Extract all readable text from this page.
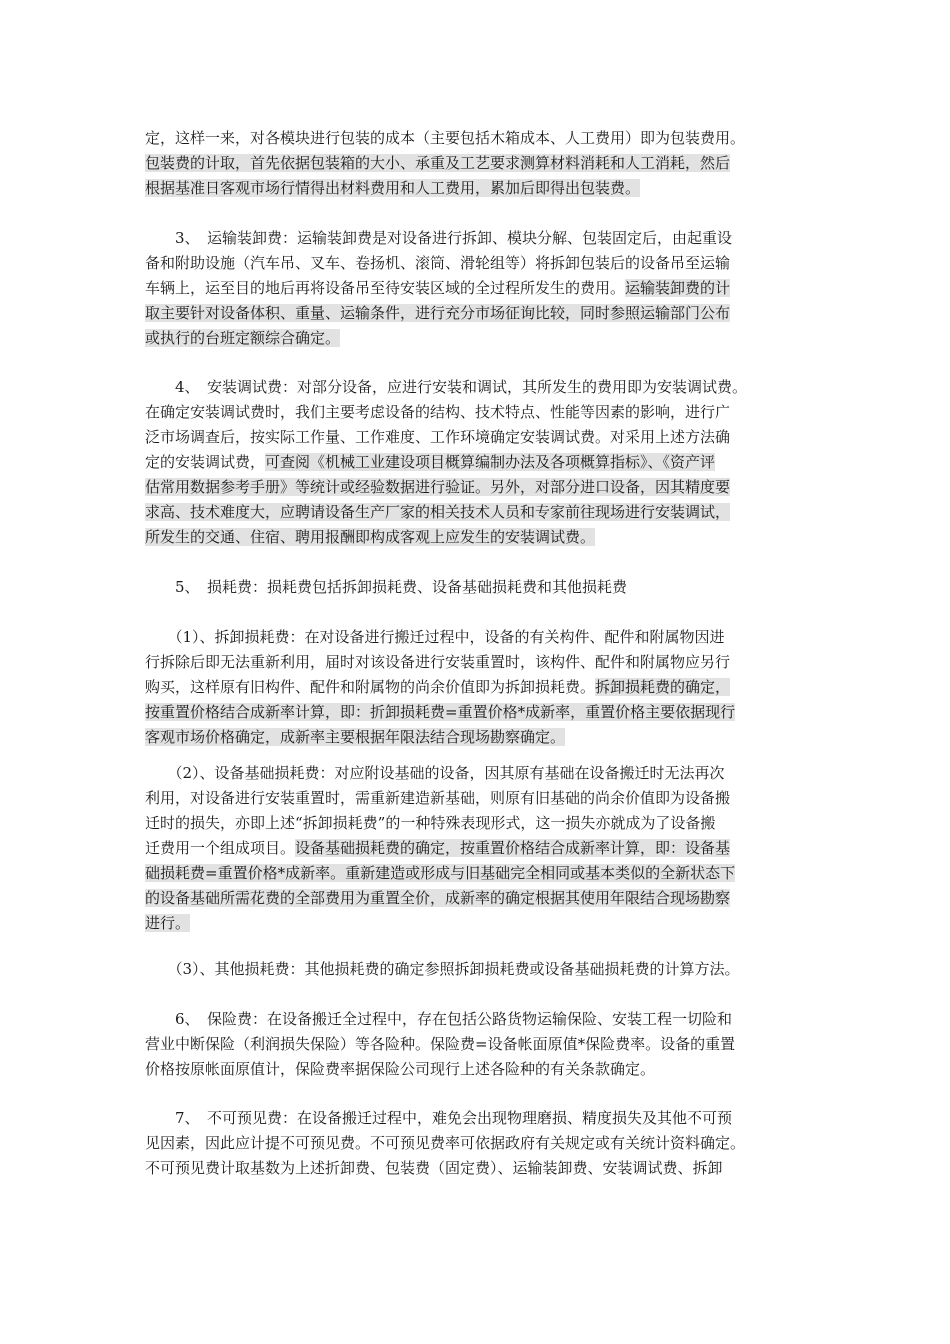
定，这样一来，对各模块进行包装的成本（主要包括木箱成本、人工费用）即为包装费用。
包装费的计取，首先依据包装箱的大小、承重及工艺要求测算材料消耗和人工消耗，然后
根据基准日客观市场行情得出材料费用和人工费用，累加后即得出包装费。
　　3、　运输装卸费：运输装卸费是对设备进行拆卸、模块分解、包装固定后，由起重设
备和附助设施（汽车吊、叉车、卷扬机、滚筒、滑轮组等）将拆卸包装后的设备吊至运输
车辆上，运至目的地后再将设备吊至待安装区域的全过程所发生的费用。运输装卸费的计
取主要针对设备体积、重量、运输条件，进行充分市场征询比较，同时参照运输部门公布
或执行的台班定额综合确定。
　　4、　安装调试费：对部分设备，应进行安装和调试，其所发生的费用即为安装调试费。
在确定安装调试费时，我们主要考虑设备的结构、技术特点、性能等因素的影响，进行广
泛市场调查后，按实际工作量、工作难度、工作环境确定安装调试费。对采用上述方法确
定的安装调试费，可查阅《机械工业建设项目概算编制办法及各项概算指标》、《资产评
估常用数据参考手册》等统计或经验数据进行验证。另外，对部分进口设备，因其精度要
求高、技术难度大，应聘请设备生产厂家的相关技术人员和专家前往现场进行安装调试，
所发生的交通、住宿、聘用报酬即构成客观上应发生的安装调试费。
　　5、　损耗费：损耗费包括拆卸损耗费、设备基础损耗费和其他损耗费
　　（1）、拆卸损耗费：在对设备进行搬迁过程中，设备的有关构件、配件和附属物因进
行拆除后即无法重新利用，届时对该设备进行安装重置时，该构件、配件和附属物应另行
购买，这样原有旧构件、配件和附属物的尚余价值即为拆卸损耗费。拆卸损耗费的确定，
按重置价格结合成新率计算，即：折卸损耗费=重置价格*成新率，重置价格主要依据现行
客观市场价格确定，成新率主要根据年限法结合现场勘察确定。
　　（2）、设备基础损耗费：对应附设基础的设备，因其原有基础在设备搬迁时无法再次
利用，对设备进行安装重置时，需重新建造新基础，则原有旧基础的尚余价值即为设备搬
迁时的损失，亦即上述“拆卸损耗费”的一种特殊表现形式，这一损失亦就成为了设备搬
迁费用一个组成项目。设备基础损耗费的确定，按重置价格结合成新率计算，即：设备基
础损耗费=重置价格*成新率。重新建造或形成与旧基础完全相同或基本类似的全新状态下
的设备基础所需花费的全部费用为重置全价，成新率的确定根据其使用年限结合现场勘察
进行。
　　（3）、其他损耗费：其他损耗费的确定参照拆卸损耗费或设备基础损耗费的计算方法。
　　6、　保险费：在设备搬迁全过程中，存在包括公路货物运输保险、安装工程一切险和
营业中断保险（利润损失保险）等各险种。保险费=设备帐面原值*保险费率。设备的重置
价格按原帐面原值计，保险费率据保险公司现行上述各险种的有关条款确定。
　　7、　不可预见费：在设备搬迁过程中，难免会出现物理磨损、精度损失及其他不可预
见因素，因此应计提不可预见费。不可预见费率可依据政府有关规定或有关统计资料确定。
不可预见费计取基数为上述折卸费、包装费（固定费）、运输装卸费、安装调试费、拆卸
